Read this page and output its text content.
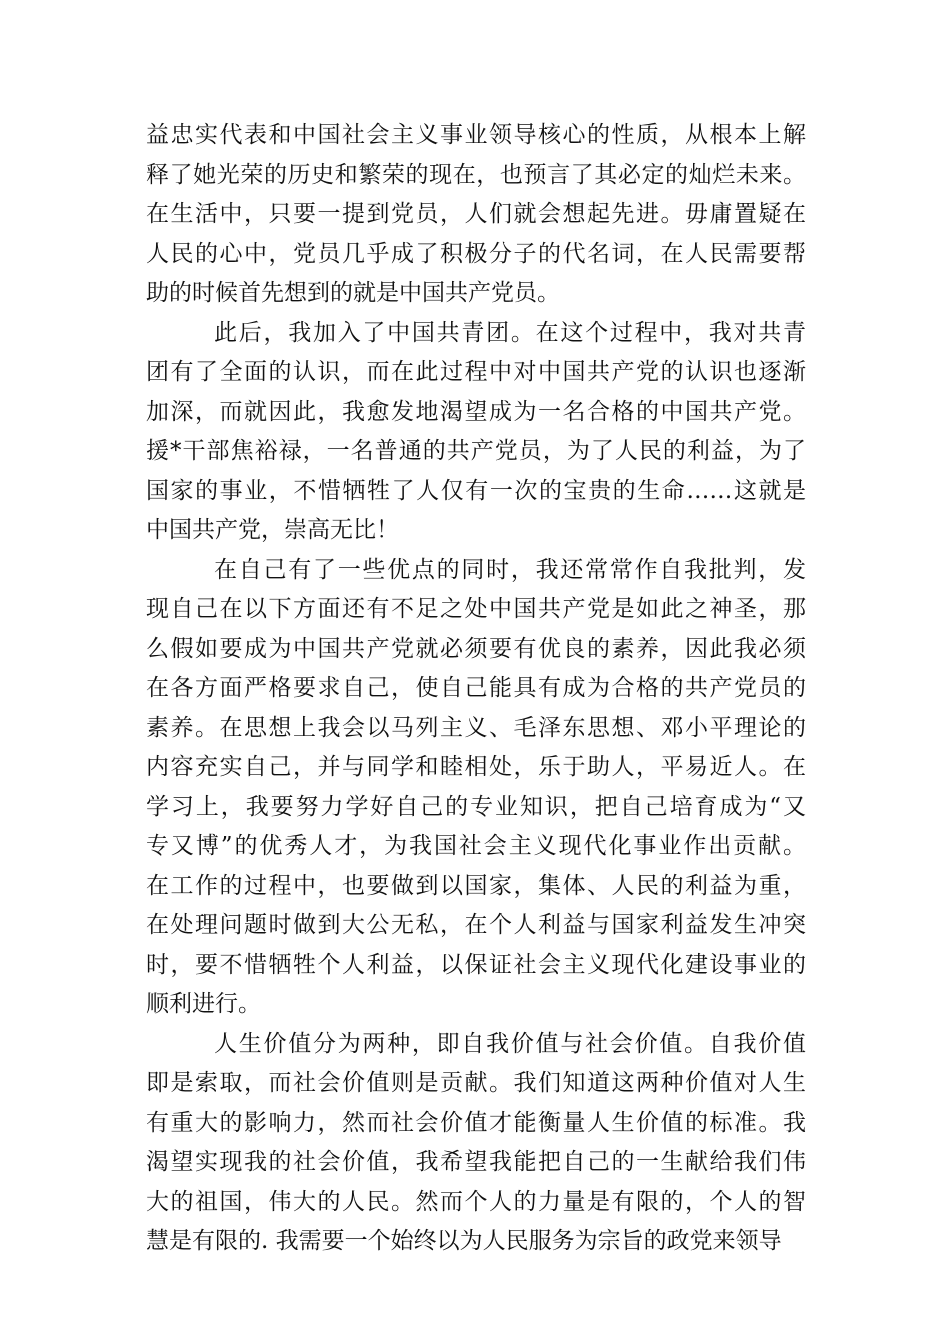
益忠实代表和中国社会主义事业领导核心的性质，从根本上解
释了她光荣的历史和繁荣的现在，也预言了其必定的灿烂未来。
在生活中，只要一提到党员，人们就会想起先进。毋庸置疑在
人民的心中，党员几乎成了积极分子的代名词，在人民需要帮
助的时候首先想到的就是中国共产党员。
此后，我加入了中国共青团。在这个过程中，我对共青
团有了全面的认识，而在此过程中对中国共产党的认识也逐渐
加深，而就因此，我愈发地渴望成为一名合格的中国共产党。
援*干部焦裕禄，一名普通的共产党员，为了人民的利益，为了
国家的事业，不惜牺牲了人仅有一次的宝贵的生命……这就是
中国共产党，崇高无比！
在自己有了一些优点的同时，我还常常作自我批判，发
现自己在以下方面还有不足之处中国共产党是如此之神圣，那
么假如要成为中国共产党就必须要有优良的素养，因此我必须
在各方面严格要求自己，使自己能具有成为合格的共产党员的
素养。在思想上我会以马列主义、毛泽东思想、邓小平理论的
内容充实自己，并与同学和睦相处，乐于助人，平易近人。在
学习上，我要努力学好自己的专业知识，把自己培育成为“又
专又博”的优秀人才，为我国社会主义现代化事业作出贡献。
在工作的过程中，也要做到以国家，集体、人民的利益为重，
在处理问题时做到大公无私，在个人利益与国家利益发生冲突
时，要不惜牺牲个人利益，以保证社会主义现代化建设事业的
顺利进行。
人生价值分为两种，即自我价值与社会价值。自我价值
即是索取，而社会价值则是贡献。我们知道这两种价值对人生
有重大的影响力，然而社会价值才能衡量人生价值的标准。我
渴望实现我的社会价值，我希望我能把自己的一生献给我们伟
大的祖国，伟大的人民。然而个人的力量是有限的，个人的智
慧是有限的. 我需要一个始终以为人民服务为宗旨的政党来领导
